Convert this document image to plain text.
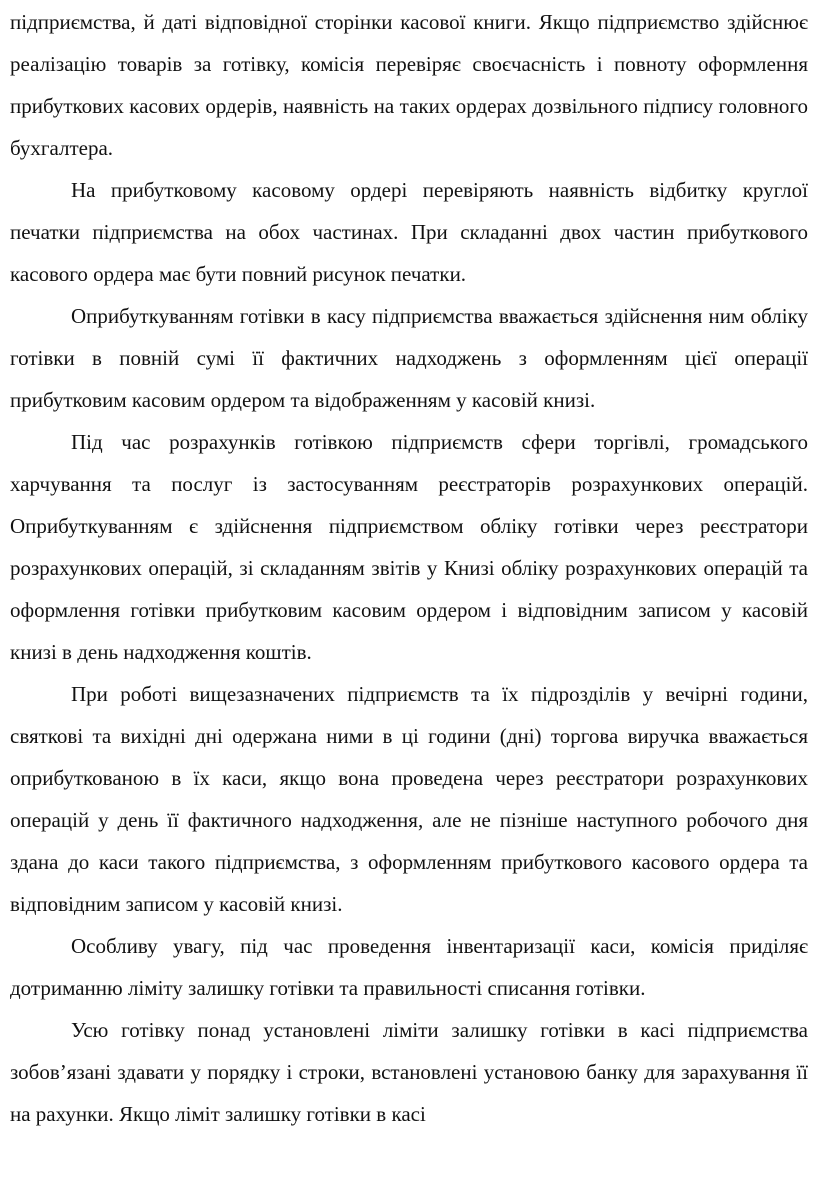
підприємства, й даті відповідної сторінки касової книги. Якщо підприємство здійснює реалізацію товарів за готівку, комісія перевіряє своєчасність і повноту оформлення прибуткових касових ордерів, наявність на таких ордерах дозвільного підпису головного бухгалтера.

На прибутковому касовому ордері перевіряють наявність відбитку круглої печатки підприємства на обох частинах. При складанні двох частин прибуткового касового ордера має бути повний рисунок печатки.

Оприбуткуванням готівки в касу підприємства вважається здійснення ним обліку готівки в повній сумі її фактичних надходжень з оформленням цієї операції прибутковим касовим ордером та відображенням у касовій книзі.

Під час розрахунків готівкою підприємств сфери торгівлі, громадського харчування та послуг із застосуванням реєстраторів розрахункових операцій. Оприбуткуванням є здійснення підприємством обліку готівки через реєстратори розрахункових операцій, зі складанням звітів у Книзі обліку розрахункових операцій та оформлення готівки прибутковим касовим ордером і відповідним записом у касовій книзі в день надходження коштів.

При роботі вищезазначених підприємств та їх підрозділів у вечірні години, святкові та вихідні дні одержана ними в ці години (дні) торгова виручка вважається оприбуткованою в їх каси, якщо вона проведена через реєстратори розрахункових операцій у день її фактичного надходження, але не пізніше наступного робочого дня здана до каси такого підприємства, з оформленням прибуткового касового ордера та відповідним записом у касовій книзі.

Особливу увагу, під час проведення інвентаризації каси, комісія приділяє дотриманню ліміту залишку готівки та правильності списання готівки.

Усю готівку понад установлені ліміти залишку готівки в касі підприємства зобов’язані здавати у порядку і строки, встановлені установою банку для зарахування її на рахунки. Якщо ліміт залишку готівки в касі
